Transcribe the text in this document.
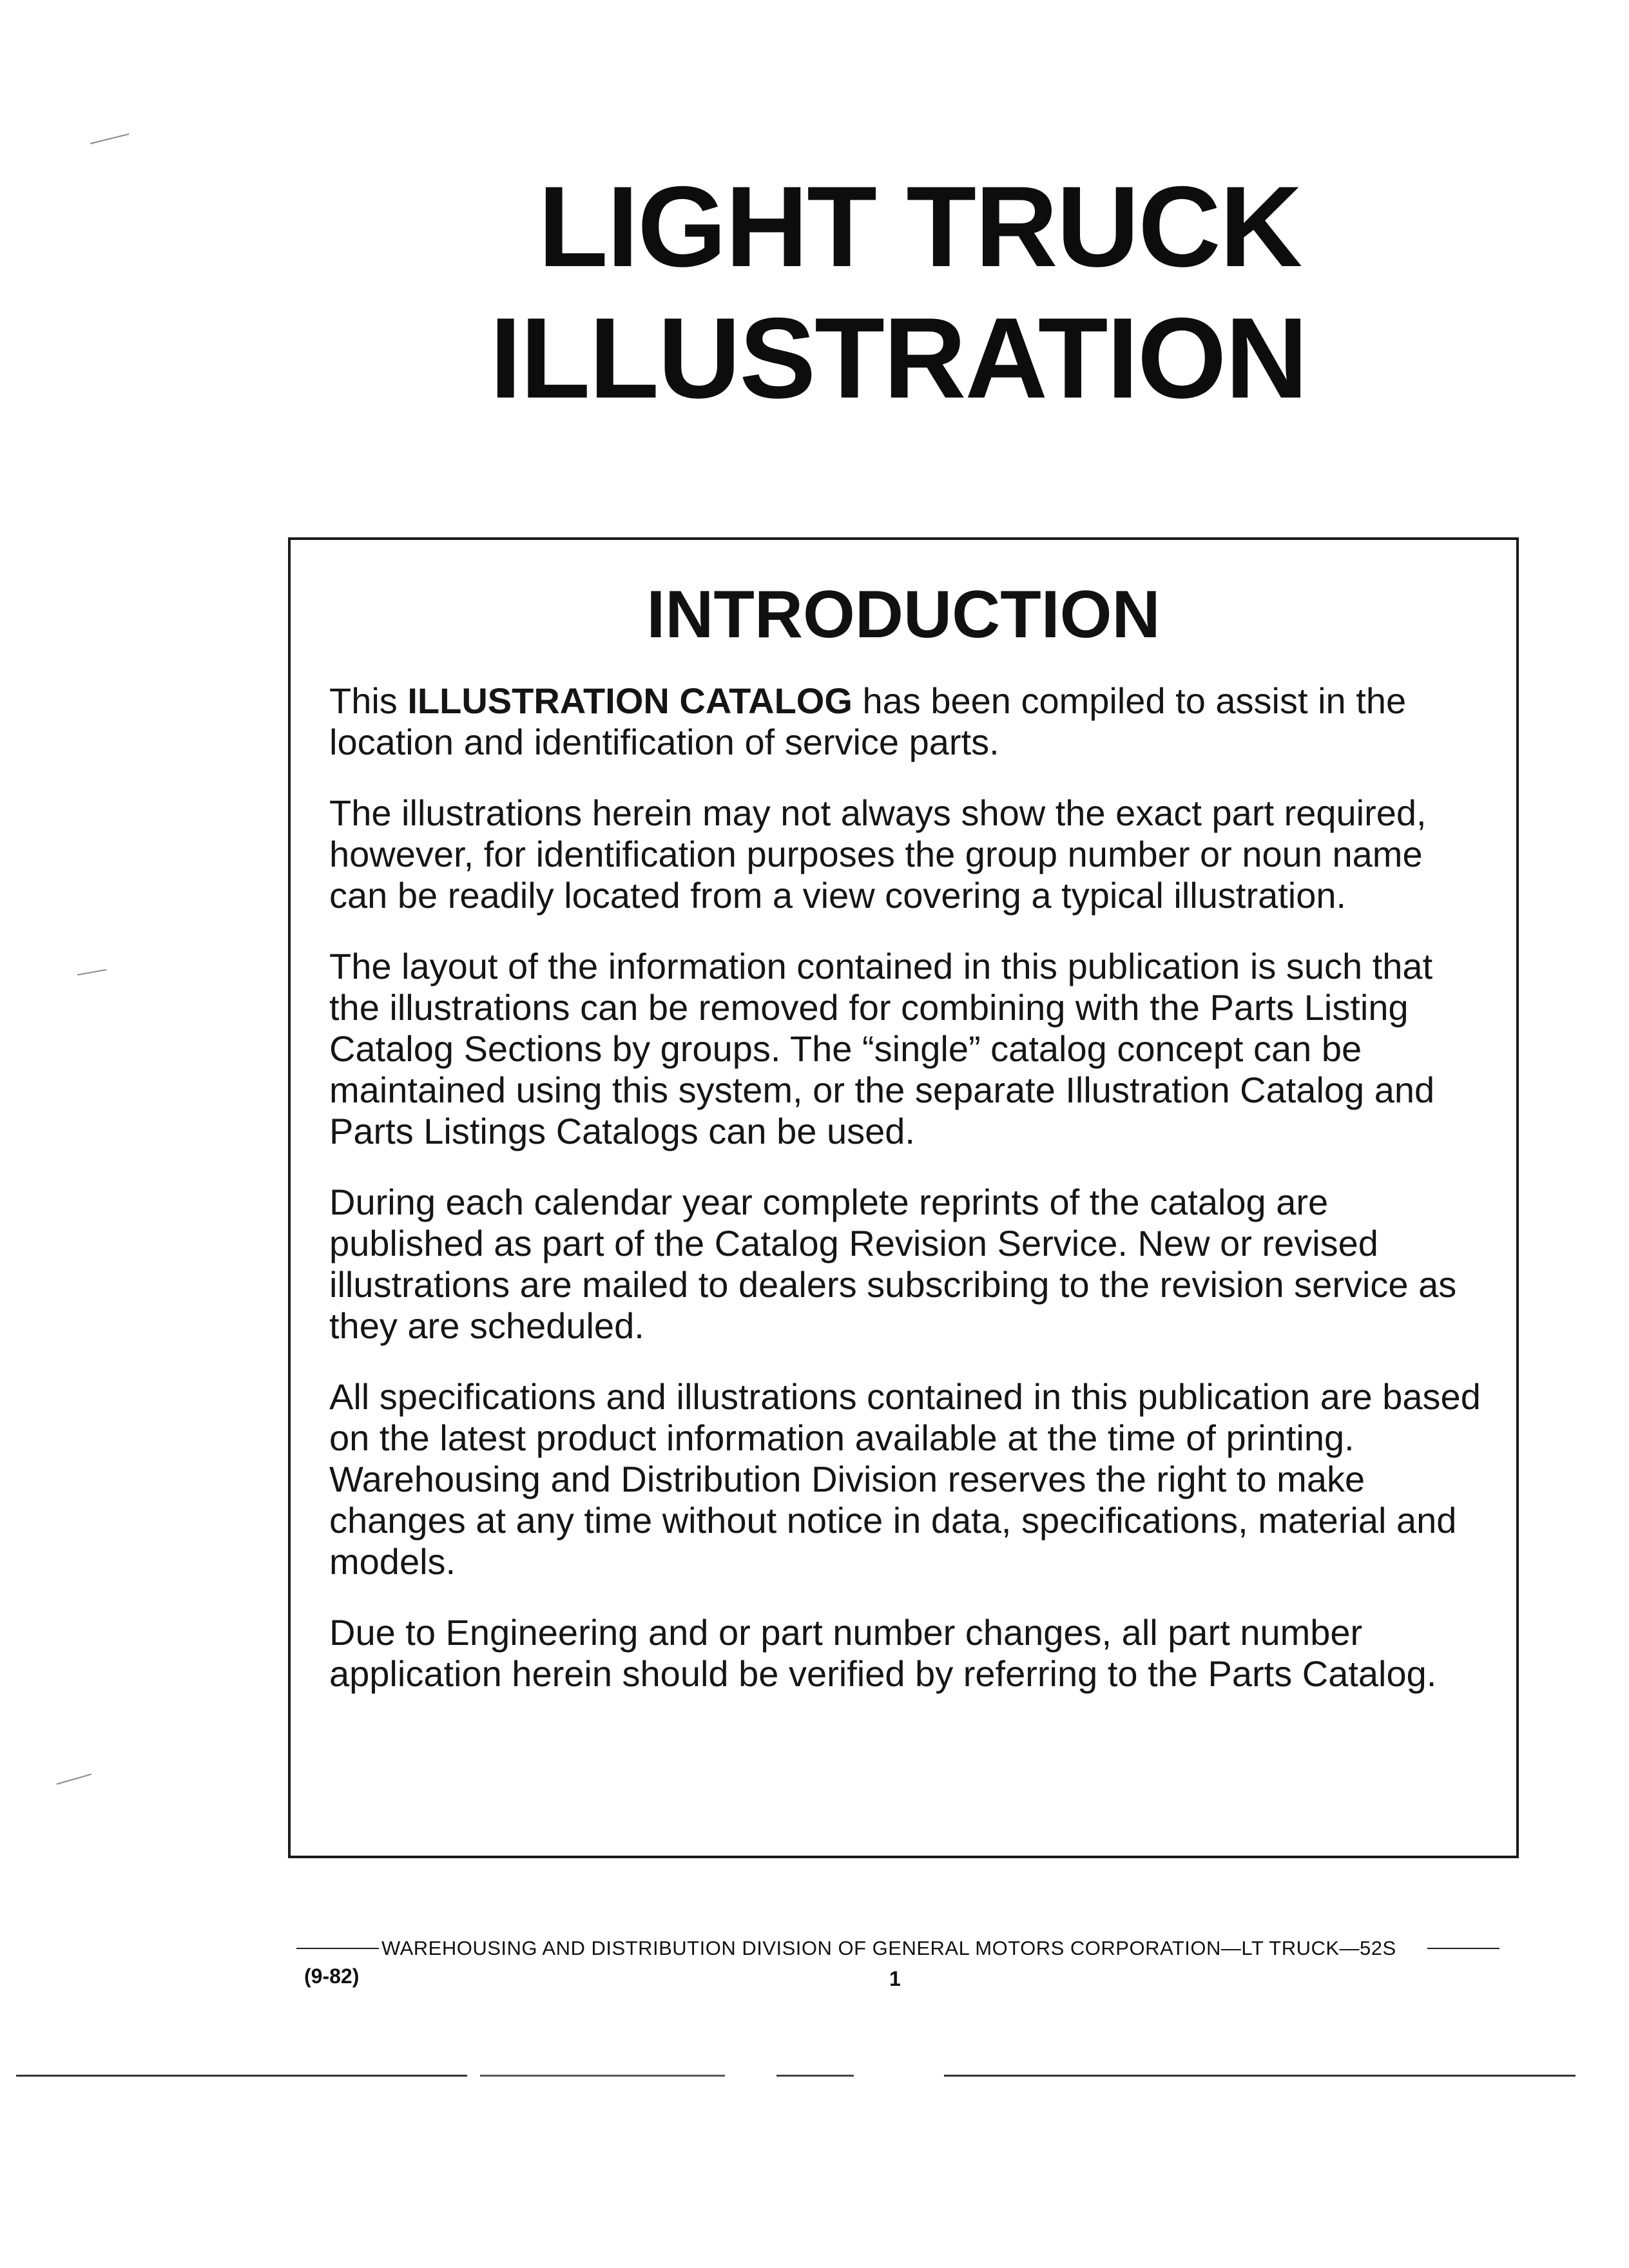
LIGHT TRUCK
ILLUSTRATION
INTRODUCTION

This ILLUSTRATION CATALOG has been compiled to assist in the location and identification of service parts.

The illustrations herein may not always show the exact part required, however, for identification purposes the group number or noun name can be readily located from a view covering a typical illustration.

The layout of the information contained in this publication is such that the illustrations can be removed for combining with the Parts Listing Catalog Sections by groups. The “single” catalog concept can be maintained using this system, or the separate Illustration Catalog and Parts Listings Catalogs can be used.

During each calendar year complete reprints of the catalog are published as part of the Catalog Revision Service. New or revised illustrations are mailed to dealers subscribing to the revision service as they are scheduled.

All specifications and illustrations contained in this publication are based on the latest product information available at the time of printing. Warehousing and Distribution Division reserves the right to make changes at any time without notice in data, specifications, material and models.

Due to Engineering and or part number changes, all part number application herein should be verified by referring to the Parts Catalog.

WAREHOUSING AND DISTRIBUTION DIVISION OF GENERAL MOTORS CORPORATION—LT TRUCK—52S
(9-82)	1
